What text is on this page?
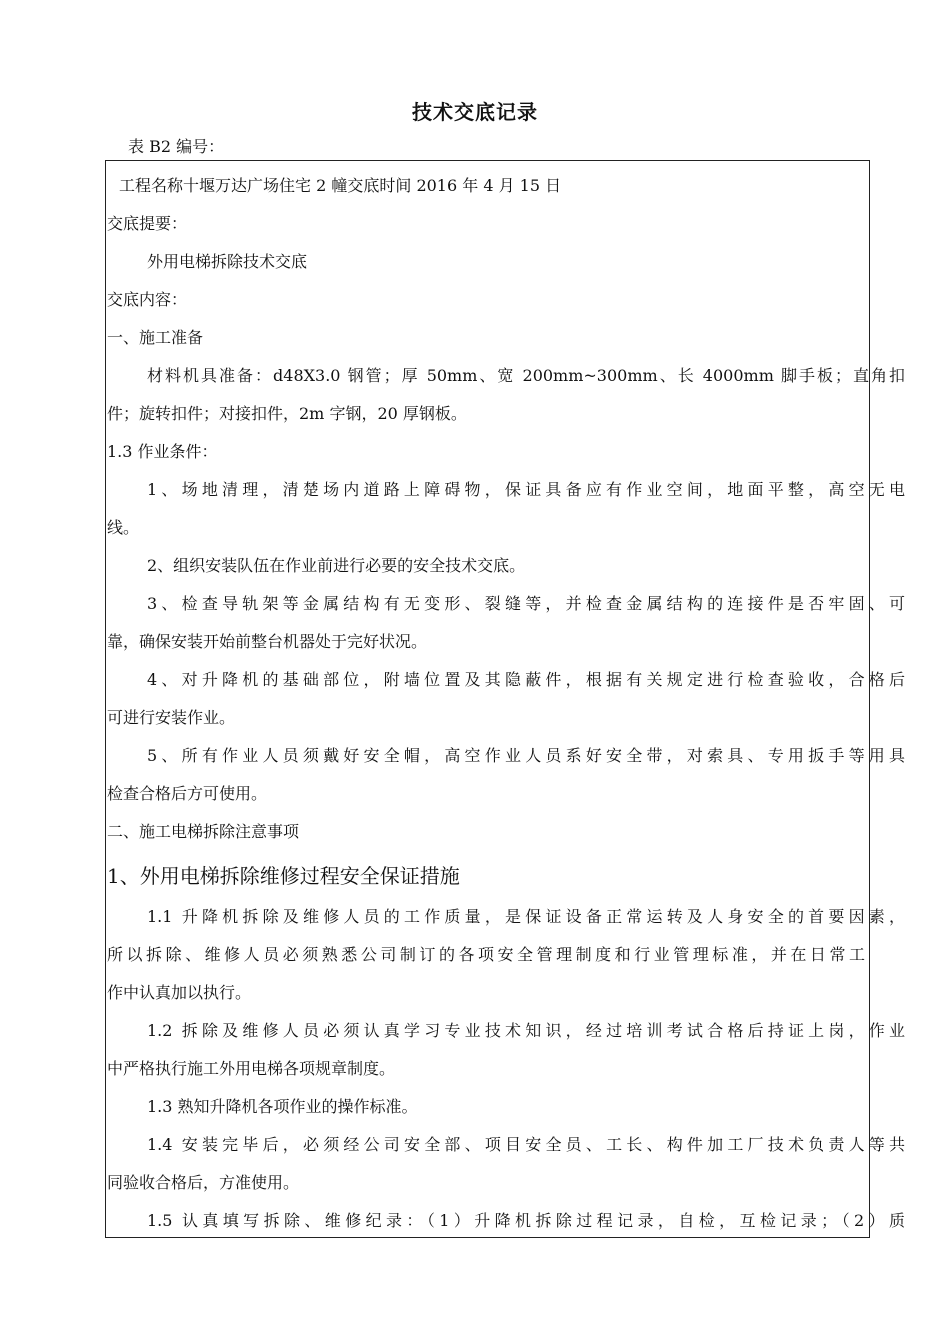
技术交底记录
表 B2 编号：
工程名称十堰万达广场住宅 2 幢交底时间 2016 年 4 月 15 日
交底提要：
外用电梯拆除技术交底
交底内容：
一、施工准备
材料机具准备：d48X3.0 钢管；厚 50mm、宽 200mm~300mm、长 4000mm 脚手板；直角扣
件；旋转扣件；对接扣件，2m 字钢，20 厚钢板。
1.3 作业条件：
1、场地清理，清楚场内道路上障碍物，保证具备应有作业空间，地面平整，高空无电
线。
2、组织安装队伍在作业前进行必要的安全技术交底。
3、检查导轨架等金属结构有无变形、裂缝等，并检查金属结构的连接件是否牢固、可
靠，确保安装开始前整台机器处于完好状况。
4、对升降机的基础部位，附墙位置及其隐蔽件，根据有关规定进行检查验收，合格后
可进行安装作业。
5、所有作业人员须戴好安全帽，高空作业人员系好安全带，对索具、专用扳手等用具
检查合格后方可使用。
二、施工电梯拆除注意事项
1、外用电梯拆除维修过程安全保证措施
1.1 升降机拆除及维修人员的工作质量，是保证设备正常运转及人身安全的首要因素，
所以拆除、维修人员必须熟悉公司制订的各项安全管理制度和行业管理标准，并在日常工
作中认真加以执行。
1.2 拆除及维修人员必须认真学习专业技术知识，经过培训考试合格后持证上岗，作业
中严格执行施工外用电梯各项规章制度。
1.3 熟知升降机各项作业的操作标准。
1.4 安装完毕后，必须经公司安全部、项目安全员、工长、构件加工厂技术负责人等共
同验收合格后，方准使用。
1.5 认真填写拆除、维修纪录：（1）升降机拆除过程记录，自检，互检记录；（2）质
